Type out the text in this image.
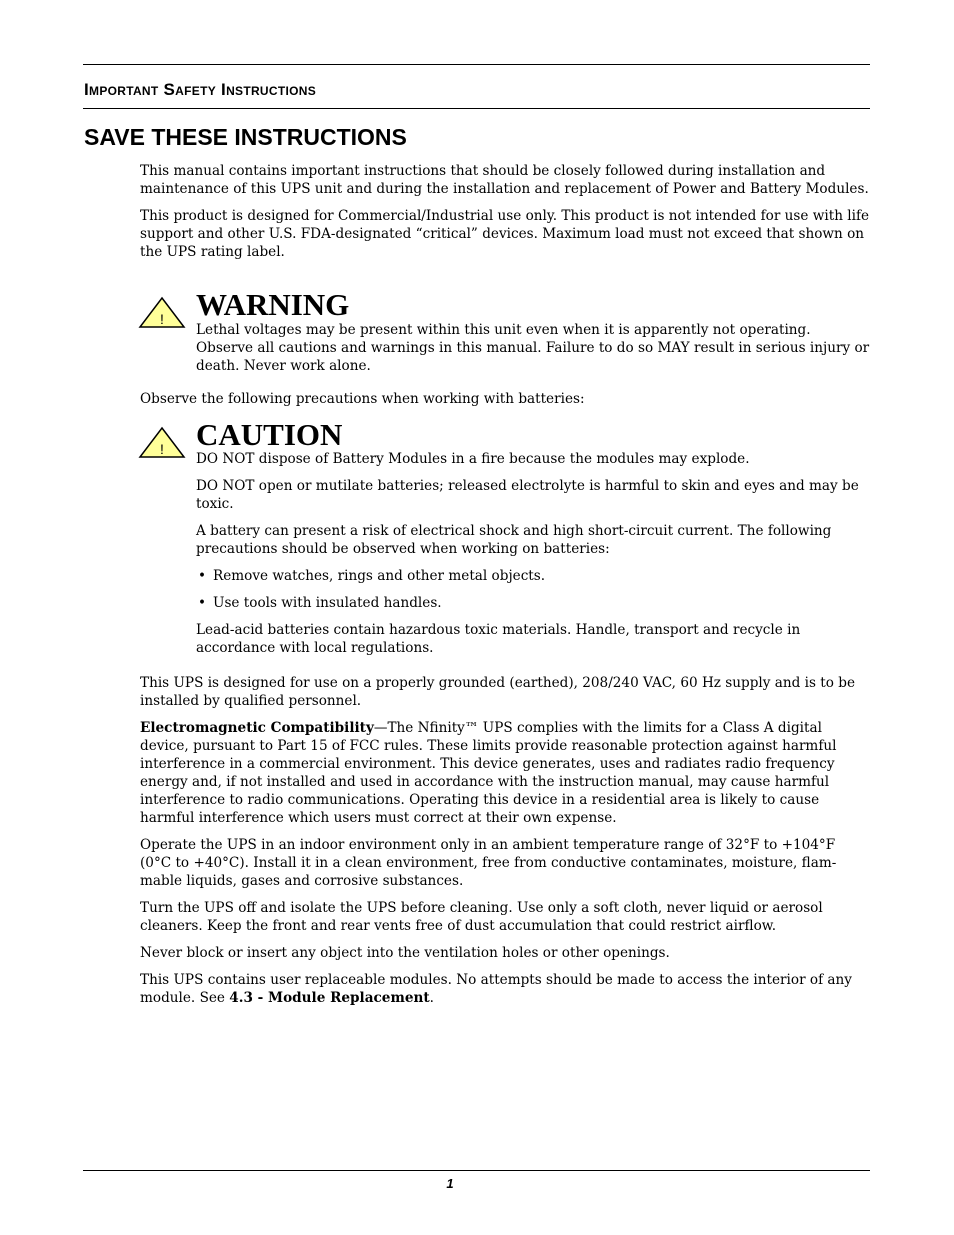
Important Safety Instructions
SAVE THESE INSTRUCTIONS

This manual contains important instructions that should be closely followed during installation and maintenance of this UPS unit and during the installation and replacement of Power and Battery Modules.

This product is designed for Commercial/Industrial use only. This product is not intended for use with life support and other U.S. FDA-designated “critical” devices. Maximum load must not exceed that shown on the UPS rating label.

! WARNING

Lethal voltages may be present within this unit even when it is apparently not operating. Observe all cautions and warnings in this manual. Failure to do so MAY result in serious injury or death. Never work alone.

Observe the following precautions when working with batteries:

! CAUTION

DO NOT dispose of Battery Modules in a fire because the modules may explode.

DO NOT open or mutilate batteries; released electrolyte is harmful to skin and eyes and may be toxic.

A battery can present a risk of electrical shock and high short-circuit current. The following precautions should be observed when working on batteries:

• Remove watches, rings and other metal objects.

• Use tools with insulated handles.

Lead-acid batteries contain hazardous toxic materials. Handle, transport and recycle in accordance with local regulations.

This UPS is designed for use on a properly grounded (earthed), 208/240 VAC, 60 Hz supply and is to be installed by qualified personnel.

Electromagnetic Compatibility—The Nfinity™ UPS complies with the limits for a Class A digital device, pursuant to Part 15 of FCC rules. These limits provide reasonable protection against harmful interference in a commercial environment. This device generates, uses and radiates radio frequency energy and, if not installed and used in accordance with the instruction manual, may cause harmful interference to radio communications. Operating this device in a residential area is likely to cause harmful interference which users must correct at their own expense.

Operate the UPS in an indoor environment only in an ambient temperature range of 32°F to +104°F (0°C to +40°C). Install it in a clean environment, free from conductive contaminates, moisture, flam-mable liquids, gases and corrosive substances.

Turn the UPS off and isolate the UPS before cleaning. Use only a soft cloth, never liquid or aerosol cleaners. Keep the front and rear vents free of dust accumulation that could restrict airflow.

Never block or insert any object into the ventilation holes or other openings.

This UPS contains user replaceable modules. No attempts should be made to access the interior of any module. See 4.3 - Module Replacement.

1
